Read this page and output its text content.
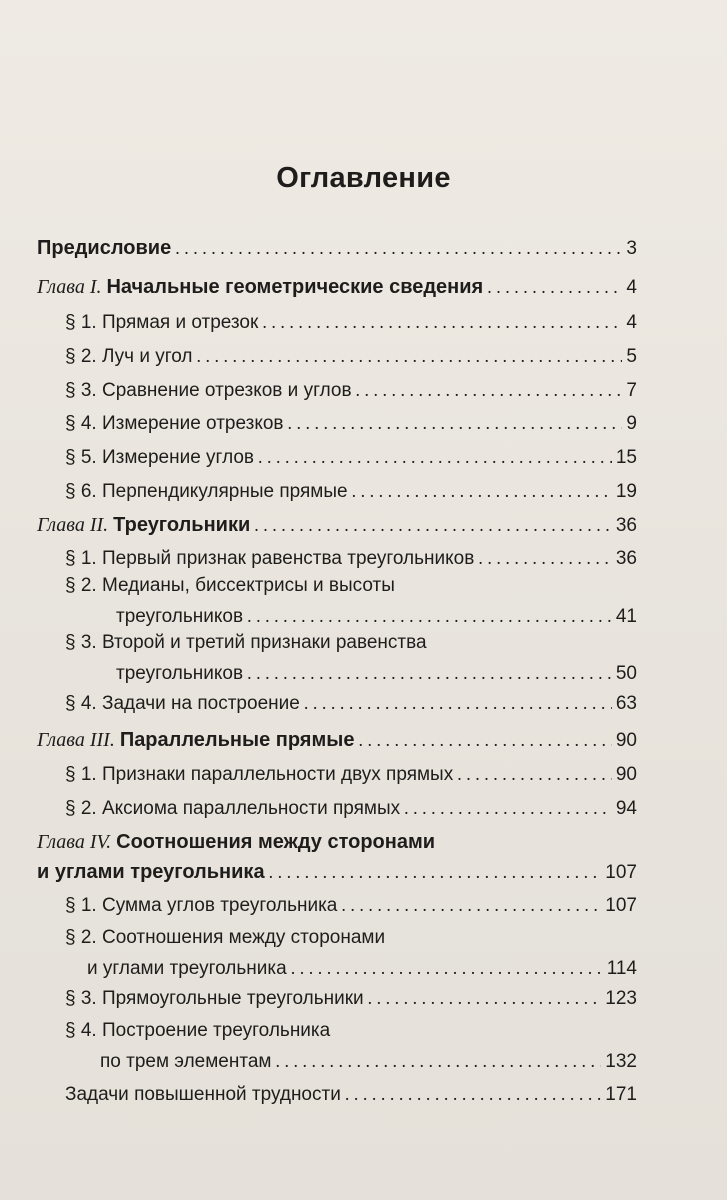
Оглавление
Предисловие . . .	3
Глава I. Начальные геометрические сведения . . .	4
§ 1. Прямая и отрезок . . .	4
§ 2. Луч и угол . . .	5
§ 3. Сравнение отрезков и углов . . .	7
§ 4. Измерение отрезков . . .	9
§ 5. Измерение углов . . .	15
§ 6. Перпендикулярные прямые . . .	19
Глава II. Треугольники . . .	36
§ 1. Первый признак равенства треугольников . . .	36
§ 2. Медианы, биссектрисы и высоты
треугольников . . .	41
§ 3. Второй и третий признаки равенства
треугольников . . .	50
§ 4. Задачи на построение . . .	63
Глава III. Параллельные прямые . . .	90
§ 1. Признаки параллельности двух прямых . . .	90
§ 2. Аксиома параллельности прямых . . .	94
Глава IV. Соотношения между сторонами
и углами треугольника . . .	107
§ 1. Сумма углов треугольника . . .	107
§ 2. Соотношения между сторонами
и углами треугольника . . .	114
§ 3. Прямоугольные треугольники . . .	123
§ 4. Построение треугольника
по трем элементам . . .	132
Задачи повышенной трудности . . .	171
